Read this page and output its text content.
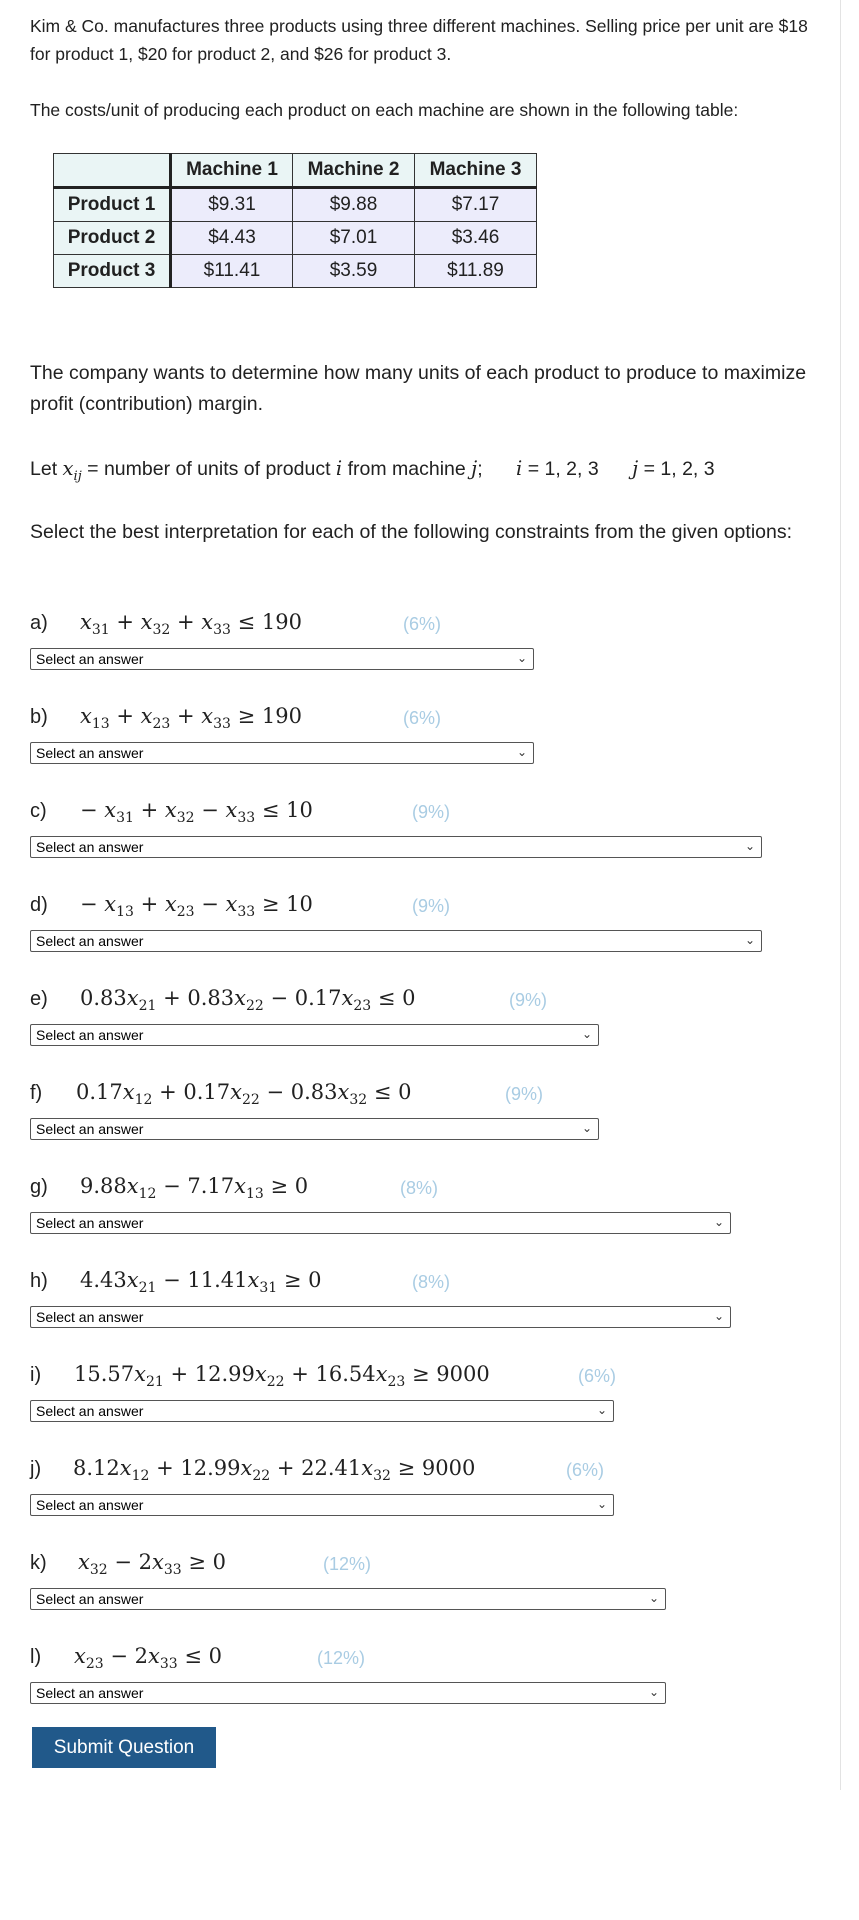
Kim & Co. manufactures three products using three different machines. Selling price per unit are $18 for product 1, $20 for product 2, and $26 for product 3.

The costs/unit of producing each product on each machine are shown in the following table:

	Machine 1	Machine 2	Machine 3
Product 1	$9.31	$9.88	$7.17
Product 2	$4.43	$7.01	$3.46
Product 3	$11.41	$3.59	$11.89

The company wants to determine how many units of each product to produce to maximize profit (contribution) margin.

Let $x_{ij}$ = number of units of product i from machine j; i = 1, 2, 3 j = 1, 2, 3

Select the best interpretation for each of the following constraints from the given options:

a) $x_{31} + x_{32} + x_{33} \le 190$	(6%)
Select an answer	⌄
b) $x_{13} + x_{23} + x_{33} \ge 190$	(6%)
Select an answer	⌄
$c) - x_{31} + x_{32} - x_{33} \le 10$	(9%)
Select an answer	⌄
$d) - x_{13} + x_{23} - x_{33} \ge 10$	(9%)
Select an answer	⌄
e) $0.83x_{21} + 0.83x_{22} - 0.17x_{23} \le 0$	(9%)
Select an answer	⌄
f) $0.17x_{12} + 0.17x_{22} - 0.83x_{32} \le 0$	(9%)
Select an answer	⌄
g) $9.88x_{12} - 7.17x_{13} \ge 0$	(8%)
Select an answer	⌄
h) $4.43x_{21} - 11.41x_{31} \ge 0$	(8%)
Select an answer	⌄
i) $15.57x_{21} + 12.99x_{22} + 16.54x_{23} \ge 9000$	(6%)
Select an answer	⌄
j) $8.12x_{12} + 12.99x_{22} + 22.41x_{32} \ge 9000$	(6%)
Select an answer	⌄
k) $x_{32} - 2x_{33} \ge 0$	(12%)
Select an answer	⌄
l) $x_{23} - 2x_{33} \le 0$	(12%)
Select an answer	⌄
Submit Question
